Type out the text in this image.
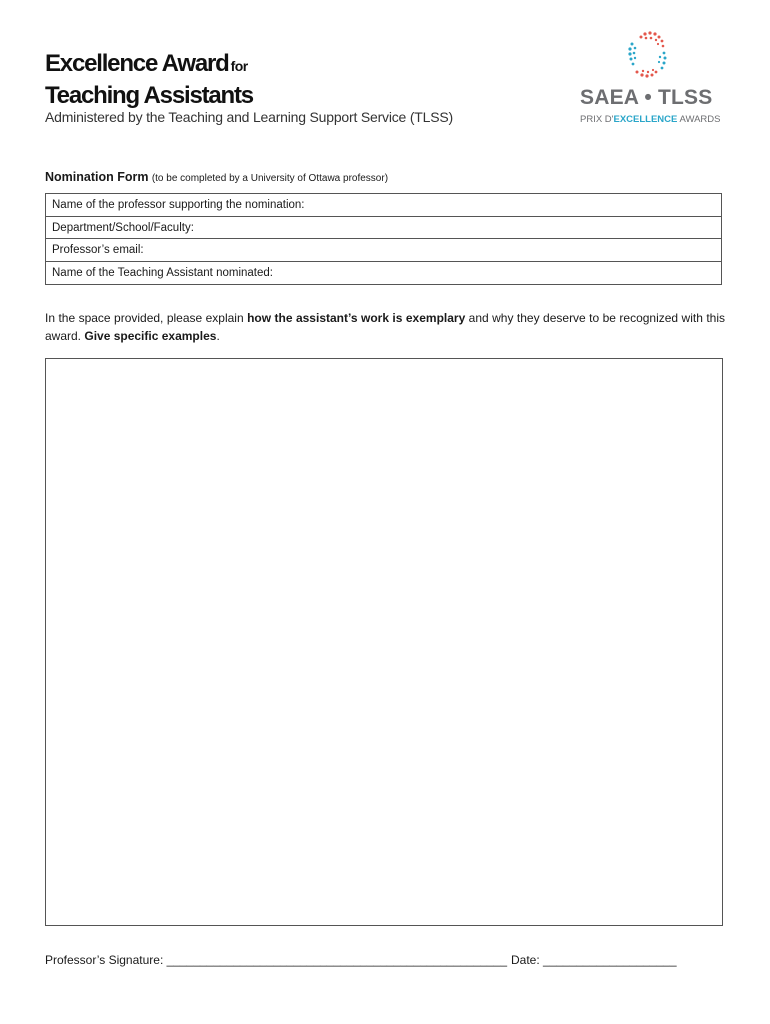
Excellence Award for
Teaching Assistants
Administered by the Teaching and Learning Support Service (TLSS)
SAEA • TLSS
PRIX D'EXCELLENCE AWARDS
Nomination Form (to be completed by a University of Ottawa professor)
Name of the professor supporting the nomination:
Department/School/Faculty:
Professor’s email:
Name of the Teaching Assistant nominated:
In the space provided, please explain how the assistant’s work is exemplary and why they deserve to be recognized with this award. Give specific examples.
Professor’s Signature: ___________________________________________________ Date: ____________________
